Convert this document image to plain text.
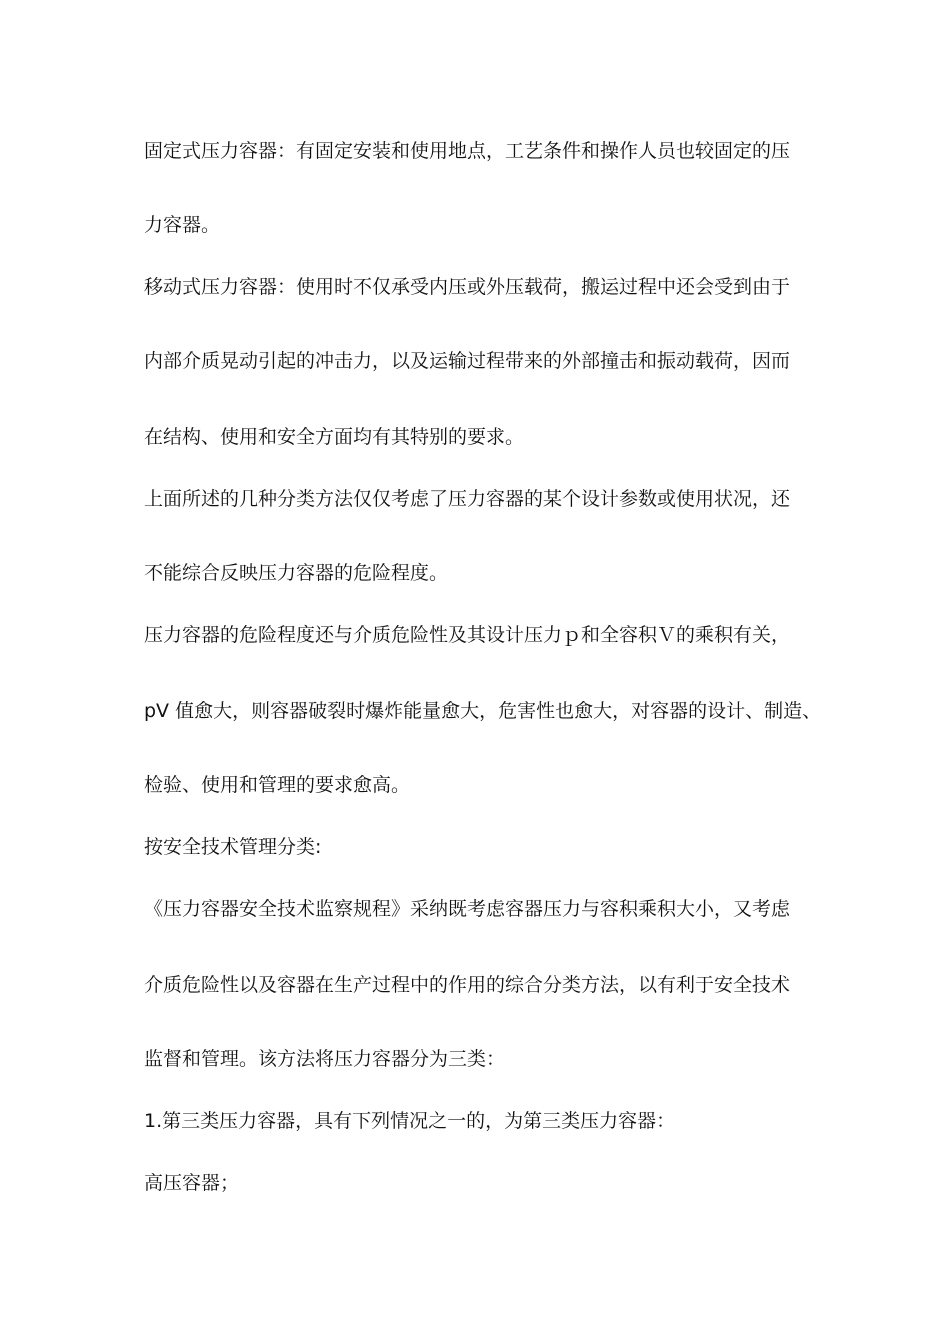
固定式压力容器：有固定安装和使用地点，工艺条件和操作人员也较固定的压
力容器。
移动式压力容器：使用时不仅承受内压或外压载荷，搬运过程中还会受到由于
内部介质晃动引起的冲击力，以及运输过程带来的外部撞击和振动载荷，因而
在结构、使用和安全方面均有其特别的要求。
上面所述的几种分类方法仅仅考虑了压力容器的某个设计参数或使用状况，还
不能综合反映压力容器的危险程度。
压力容器的危险程度还与介质危险性及其设计压力ｐ和全容积Ｖ的乘积有关，
pV 值愈大，则容器破裂时爆炸能量愈大，危害性也愈大，对容器的设计、制造、
检验、使用和管理的要求愈高。
按安全技术管理分类:
《压力容器安全技术监察规程》采纳既考虑容器压力与容积乘积大小，又考虑
介质危险性以及容器在生产过程中的作用的综合分类方法，以有利于安全技术
监督和管理。该方法将压力容器分为三类：
1.第三类压力容器，具有下列情况之一的，为第三类压力容器：
高压容器；
